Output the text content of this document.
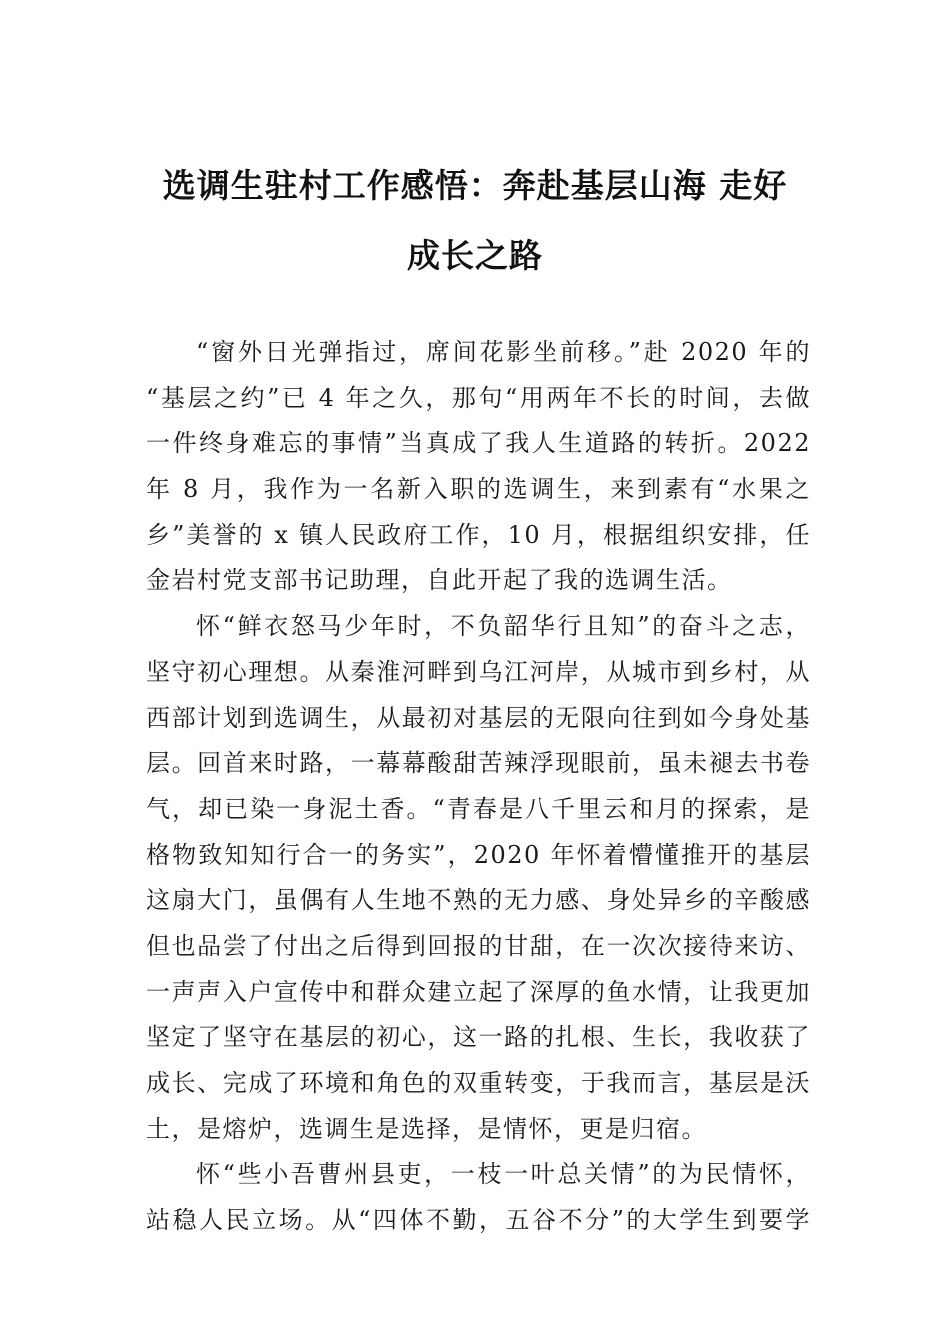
选调生驻村工作感悟：奔赴基层山海 走好
成长之路
“窗外日光弹指过，席间花影坐前移。”赴 2020 年的
“基层之约”已 4 年之久，那句“用两年不长的时间，去做
一件终身难忘的事情”当真成了我人生道路的转折。2022
年 8 月，我作为一名新入职的选调生，来到素有“水果之
乡”美誉的 x 镇人民政府工作，10 月，根据组织安排，任
金岩村党支部书记助理，自此开起了我的选调生活。
怀“鲜衣怒马少年时，不负韶华行且知”的奋斗之志，
坚守初心理想。从秦淮河畔到乌江河岸，从城市到乡村，从
西部计划到选调生，从最初对基层的无限向往到如今身处基
层。回首来时路，一幕幕酸甜苦辣浮现眼前，虽未褪去书卷
气，却已染一身泥土香。“青春是八千里云和月的探索，是
格物致知知行合一的务实”，2020 年怀着懵懂推开的基层
这扇大门，虽偶有人生地不熟的无力感、身处异乡的辛酸感
但也品尝了付出之后得到回报的甘甜，在一次次接待来访、
一声声入户宣传中和群众建立起了深厚的鱼水情，让我更加
坚定了坚守在基层的初心，这一路的扎根、生长，我收获了
成长、完成了环境和角色的双重转变，于我而言，基层是沃
土，是熔炉，选调生是选择，是情怀，更是归宿。
怀“些小吾曹州县吏，一枝一叶总关情”的为民情怀，
站稳人民立场。从“四体不勤，五谷不分”的大学生到要学
